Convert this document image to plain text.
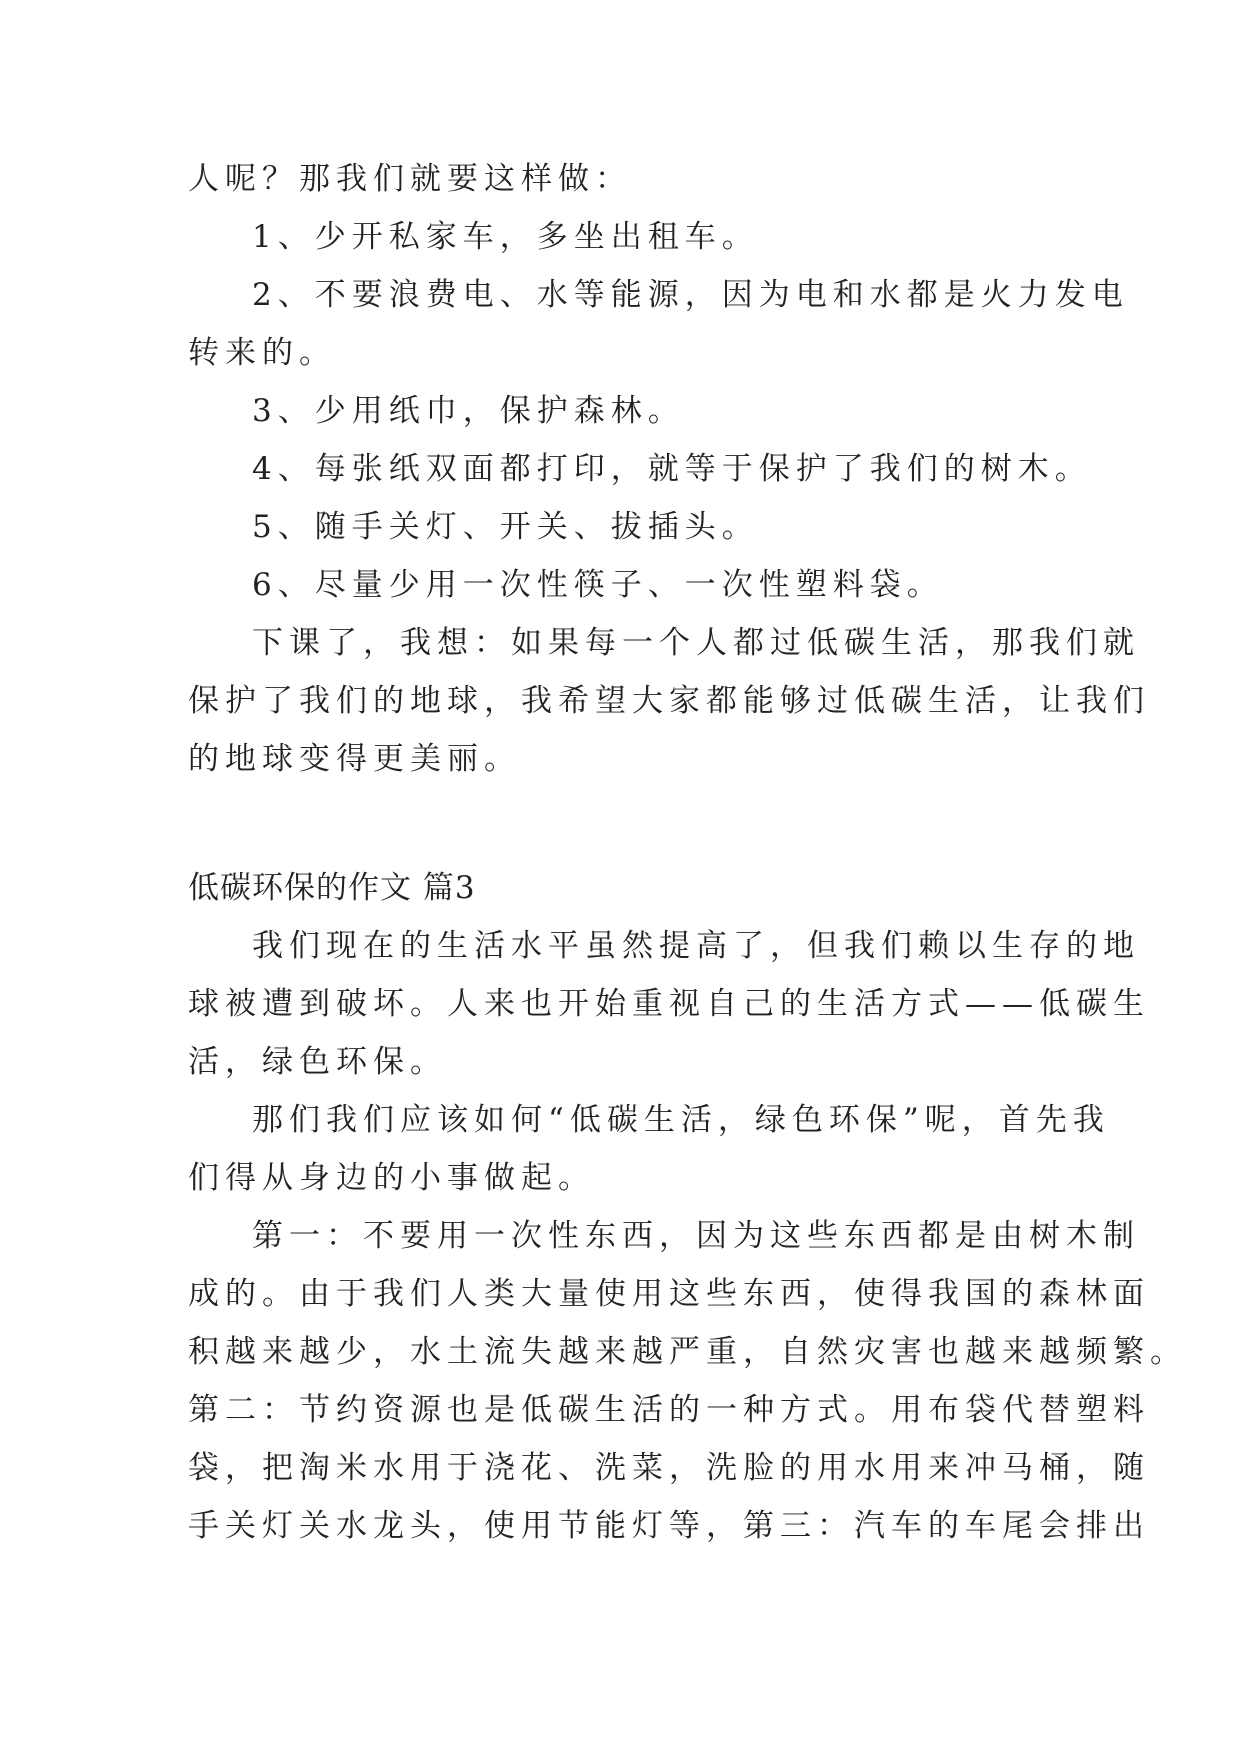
人呢？那我们就要这样做：
1、少开私家车，多坐出租车。
2、不要浪费电、水等能源，因为电和水都是火力发电
转来的。
3、少用纸巾，保护森林。
4、每张纸双面都打印，就等于保护了我们的树木。
5、随手关灯、开关、拔插头。
6、尽量少用一次性筷子、一次性塑料袋。
下课了，我想：如果每一个人都过低碳生活，那我们就
保护了我们的地球，我希望大家都能够过低碳生活，让我们
的地球变得更美丽。
低碳环保的作文 篇3
我们现在的生活水平虽然提高了，但我们赖以生存的地
球被遭到破坏。人来也开始重视自己的生活方式——低碳生
活，绿色环保。
那们我们应该如何“低碳生活，绿色环保”呢，首先我
们得从身边的小事做起。
第一：不要用一次性东西，因为这些东西都是由树木制
成的。由于我们人类大量使用这些东西，使得我国的森林面
积越来越少，水土流失越来越严重，自然灾害也越来越频繁。
第二：节约资源也是低碳生活的一种方式。用布袋代替塑料
袋，把淘米水用于浇花、洗菜，洗脸的用水用来冲马桶，随
手关灯关水龙头，使用节能灯等，第三：汽车的车尾会排出
